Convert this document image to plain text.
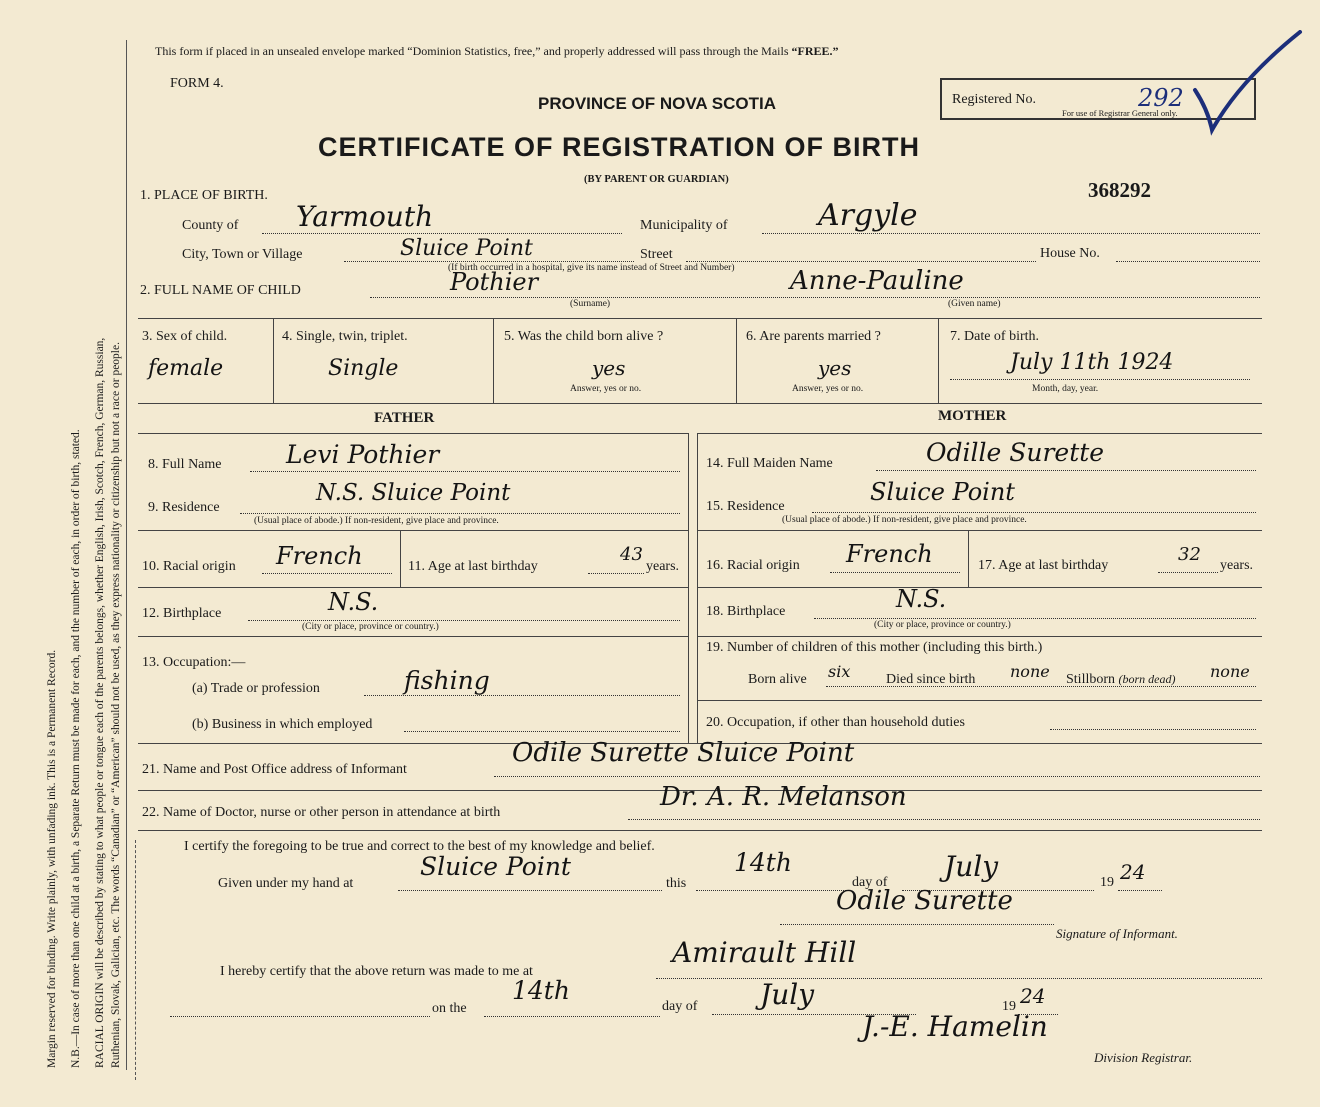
Margin reserved for binding. Write plainly, with unfading ink. This is a Permanent Record. N.B.—In case of more than one child at a birth, a Separate Return must be made for each, and the number of each, in order of birth, stated. RACIAL ORIGIN will be described by stating to what people or tongue each of the parents belongs, whether English, Irish, Scotch, French, German, Russian, Ruthenian, Slovak, Galician, etc. The words “Canadian” or “American” should not be used, as they express nationality or citizenship but not a race or people.
This form if placed in an unsealed envelope marked “Dominion Statistics, free,” and properly addressed will pass through the Mails “FREE.”
FORM 4.
PROVINCE OF NOVA SCOTIA	Registered No.	292
For use of Registrar General only.
CERTIFICATE OF REGISTRATION OF BIRTH
(BY PARENT OR GUARDIAN)	368292
1. PLACE OF BIRTH.
County of Yarmouth	Municipality of	Argyle
City, Town or Village	Sluice Point	Street	House No.
(If birth occurred in a hospital, give its name instead of Street and Number)
2. FULL NAME OF CHILD	Pothier	Anne-Pauline
(Surname)	(Given name)
3. Sex of child.
female
4. Single, twin, triplet.
Single
5. Was the child born alive ?
yes
Answer, yes or no.
6. Are parents married ?
yes
Answer, yes or no.
7. Date of birth.
July 11th 1924
Month, day, year.
FATHER	MOTHER
8. Full Name	Levi Pothier
9. Residence
N.S. Sluice Point
(Usual place of abode.) If non-resident, give place and province.
10. Racial origin French	11. Age at last birthday
43
years.
12. Birthplace	N.S.
(City or place, province or country.)
13. Occupation:—
(a) Trade or profession	fishing
(b) Business in which employed
14. Full Maiden Name	Odille Surette
15. Residence
Sluice Point
(Usual place of abode.) If non-resident, give place and province.
16. Racial origin French	17. Age at last birthday
32
years.
18. Birthplace	N.S.
(City or place, province or country.)
19. Number of children of this mother (including this birth.)
Born alive six	Died since birth none Stillborn (born dead) none
20. Occupation, if other than household duties
21. Name and Post Office address of Informant
Odile Surette Sluice Point
22. Name of Doctor, nurse or other person in attendance at birth
Dr. A. R. Melanson
I certify the foregoing to be true and correct to the best of my knowledge and belief.
Given under my hand at
Sluice Point
this
14th
day of July	19 24
Odile Surette
Signature of Informant.
I hereby certify that the above return was made to me at
Amirault Hill
on the
14th
day of July	19 24
J.-E. Hamelin
Division Registrar.
